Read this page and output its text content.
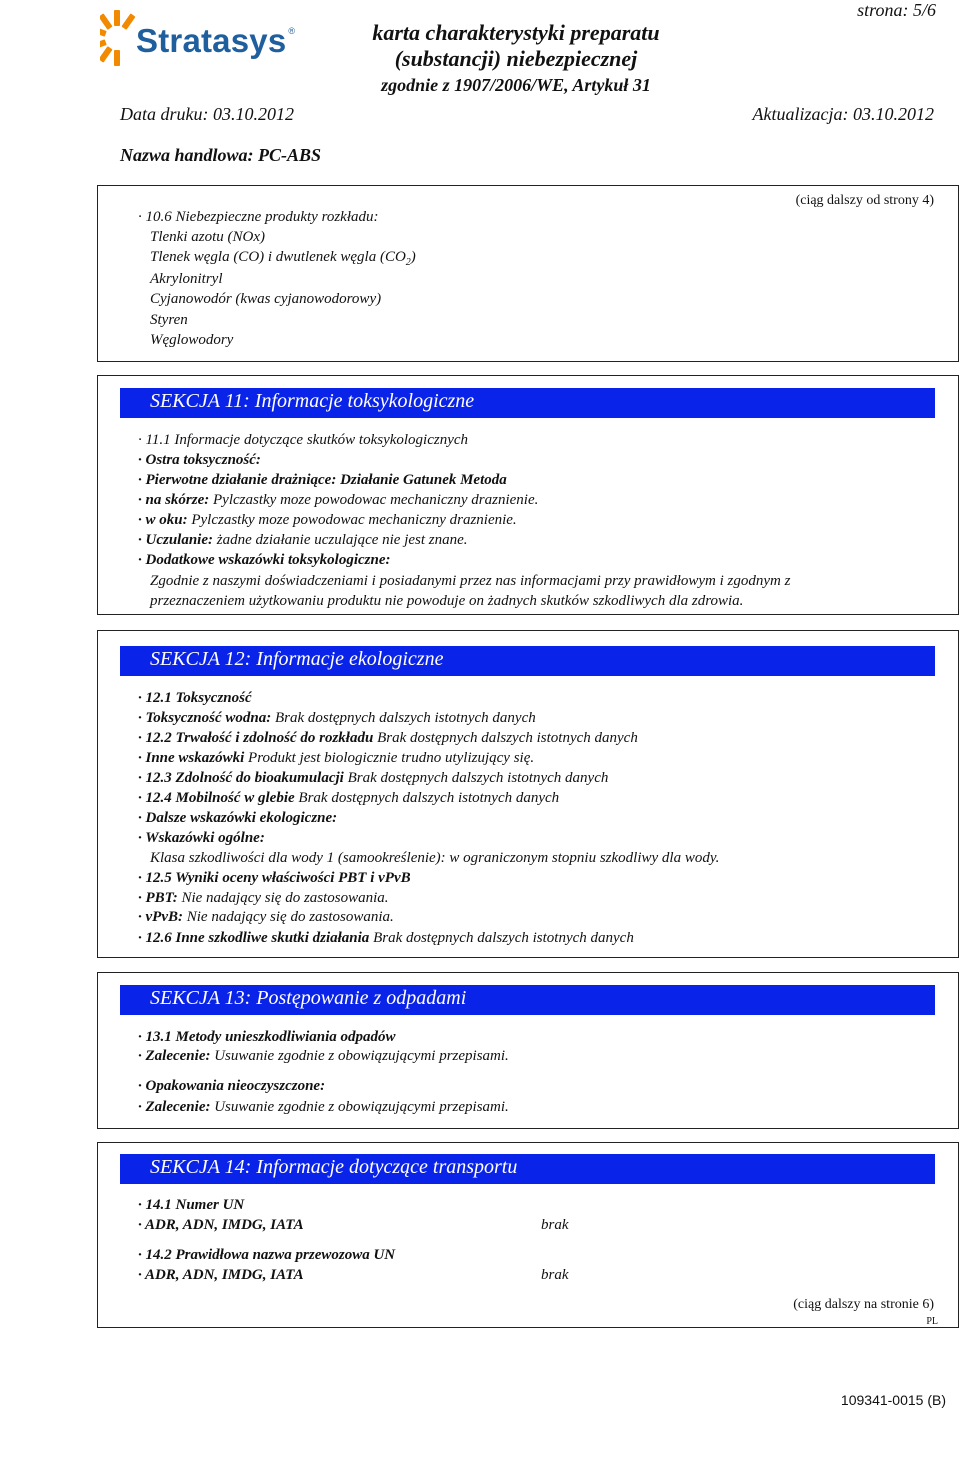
Stratasys ®
strona: 5/6
karta charakterystyki preparatu
(substancji) niebezpiecznej
zgodnie z 1907/2006/WE, Artykuł 31
Data druku: 03.10.2012	Aktualizacja: 03.10.2012
Nazwa handlowa: PC-ABS
(ciąg dalszy od strony 4)
· 10.6 Niebezpieczne produkty rozkładu:
Tlenki azotu (NOx)
Tlenek węgla (CO) i dwutlenek węgla $(CO_2)$
Akrylonitryl
Cyjanowodór (kwas cyjanowodorowy)
Styren
Węglowodory
SEKCJA 11: Informacje toksykologiczne
· 11.1 Informacje dotyczące skutków toksykologicznych
· Ostra toksyczność:
· Pierwotne działanie drażniące: Działanie Gatunek Metoda
· na skórze: Pylczastky moze powodowac mechaniczny draznienie.
· w oku: Pylczastky moze powodowac mechaniczny draznienie.
· Uczulanie: żadne działanie uczulające nie jest znane.
· Dodatkowe wskazówki toksykologiczne:
Zgodnie z naszymi doświadczeniami i posiadanymi przez nas informacjami przy prawidłowym i zgodnym z
przeznaczeniem użytkowaniu produktu nie powoduje on żadnych skutków szkodliwych dla zdrowia.
SEKCJA 12: Informacje ekologiczne
· 12.1 Toksyczność
· Toksyczność wodna: Brak dostępnych dalszych istotnych danych
· 12.2 Trwałość i zdolność do rozkładu Brak dostępnych dalszych istotnych danych
· Inne wskazówki Produkt jest biologicznie trudno utylizujący się.
· 12.3 Zdolność do bioakumulacji Brak dostępnych dalszych istotnych danych
· 12.4 Mobilność w glebie Brak dostępnych dalszych istotnych danych
· Dalsze wskazówki ekologiczne:
· Wskazówki ogólne:
Klasa szkodliwości dla wody 1 (samookreślenie): w ograniczonym stopniu szkodliwy dla wody.
· 12.5 Wyniki oceny właściwości PBT i vPvB
· PBT: Nie nadający się do zastosowania.
· vPvB: Nie nadający się do zastosowania.
· 12.6 Inne szkodliwe skutki działania Brak dostępnych dalszych istotnych danych
SEKCJA 13: Postępowanie z odpadami
· 13.1 Metody unieszkodliwiania odpadów
· Zalecenie: Usuwanie zgodnie z obowiązującymi przepisami.
· Opakowania nieoczyszczone:
· Zalecenie: Usuwanie zgodnie z obowiązującymi przepisami.
SEKCJA 14: Informacje dotyczące transportu
· 14.1 Numer UN
· ADR, ADN, IMDG, IATA	brak
· 14.2 Prawidłowa nazwa przewozowa UN
· ADR, ADN, IMDG, IATA	brak
(ciąg dalszy na stronie 6)
PL
109341-0015 (B)
